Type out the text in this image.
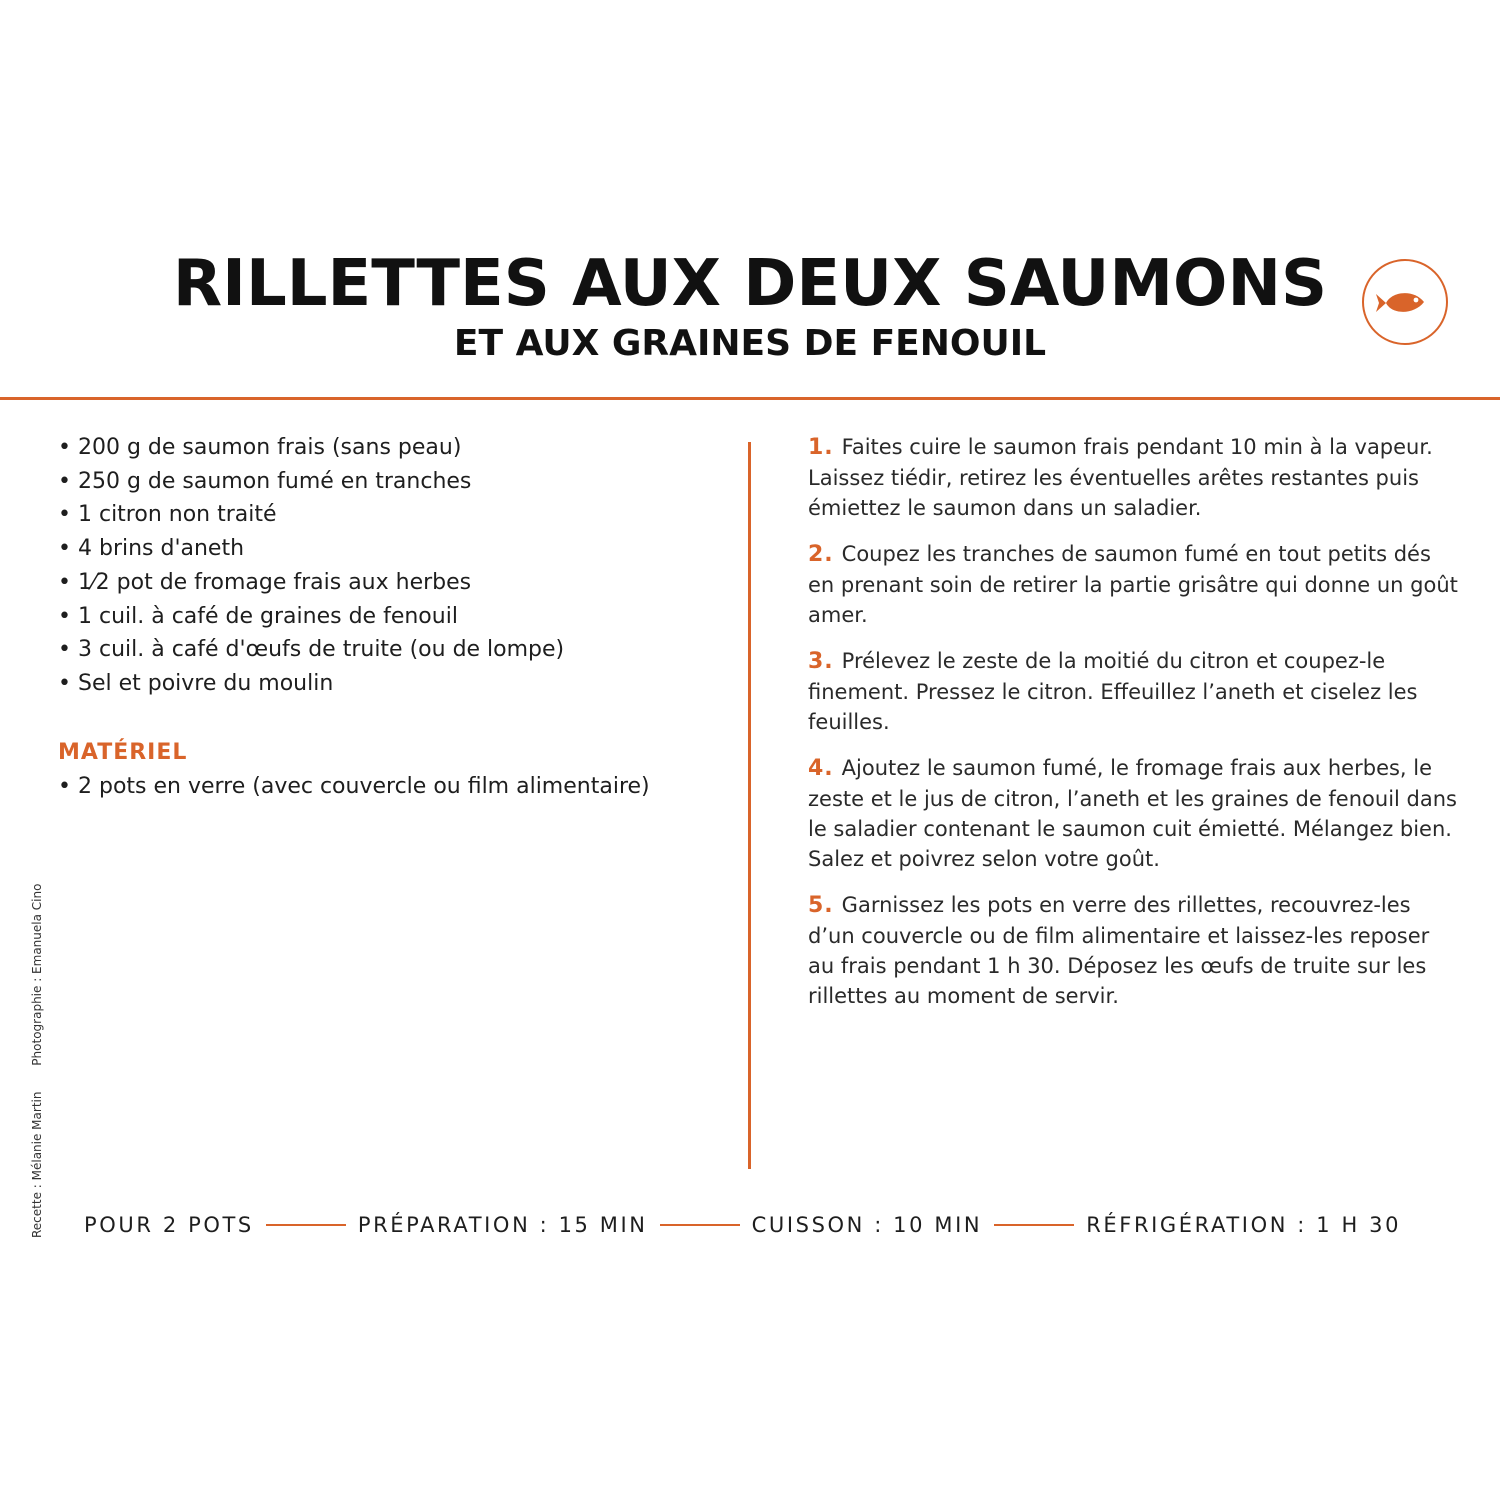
RILLETTES AUX DEUX SAUMONS
ET AUX GRAINES DE FENOUIL
• 200 g de saumon frais (sans peau)
• 250 g de saumon fumé en tranches
• 1 citron non traité
• 4 brins d'aneth
• 1⁄2 pot de fromage frais aux herbes
• 1 cuil. à café de graines de fenouil
• 3 cuil. à café d'œufs de truite (ou de lompe)
• Sel et poivre du moulin
MATÉRIEL
• 2 pots en verre (avec couvercle ou film alimentaire)
1. Faites cuire le saumon frais pendant 10 min à la vapeur. Laissez tiédir, retirez les éventuelles arêtes restantes puis émiettez le saumon dans un saladier.
2. Coupez les tranches de saumon fumé en tout petits dés en prenant soin de retirer la partie grisâtre qui donne un goût amer.
3. Prélevez le zeste de la moitié du citron et coupez-le finement. Pressez le citron. Effeuillez l’aneth et ciselez les feuilles.
4. Ajoutez le saumon fumé, le fromage frais aux herbes, le zeste et le jus de citron, l’aneth et les graines de fenouil dans le saladier contenant le saumon cuit émietté. Mélangez bien. Salez et poivrez selon votre goût.
5. Garnissez les pots en verre des rillettes, recouvrez-les d’un couvercle ou de film alimentaire et laissez-les reposer au frais pendant 1 h 30. Déposez les œufs de truite sur les rillettes au moment de servir.
Recette : Mélanie Martin Photographie : Emanuela Cino
POUR 2 POTS	PRÉPARATION : 15 MIN	CUISSON : 10 MIN	RÉFRIGÉRATION : 1 H 30
